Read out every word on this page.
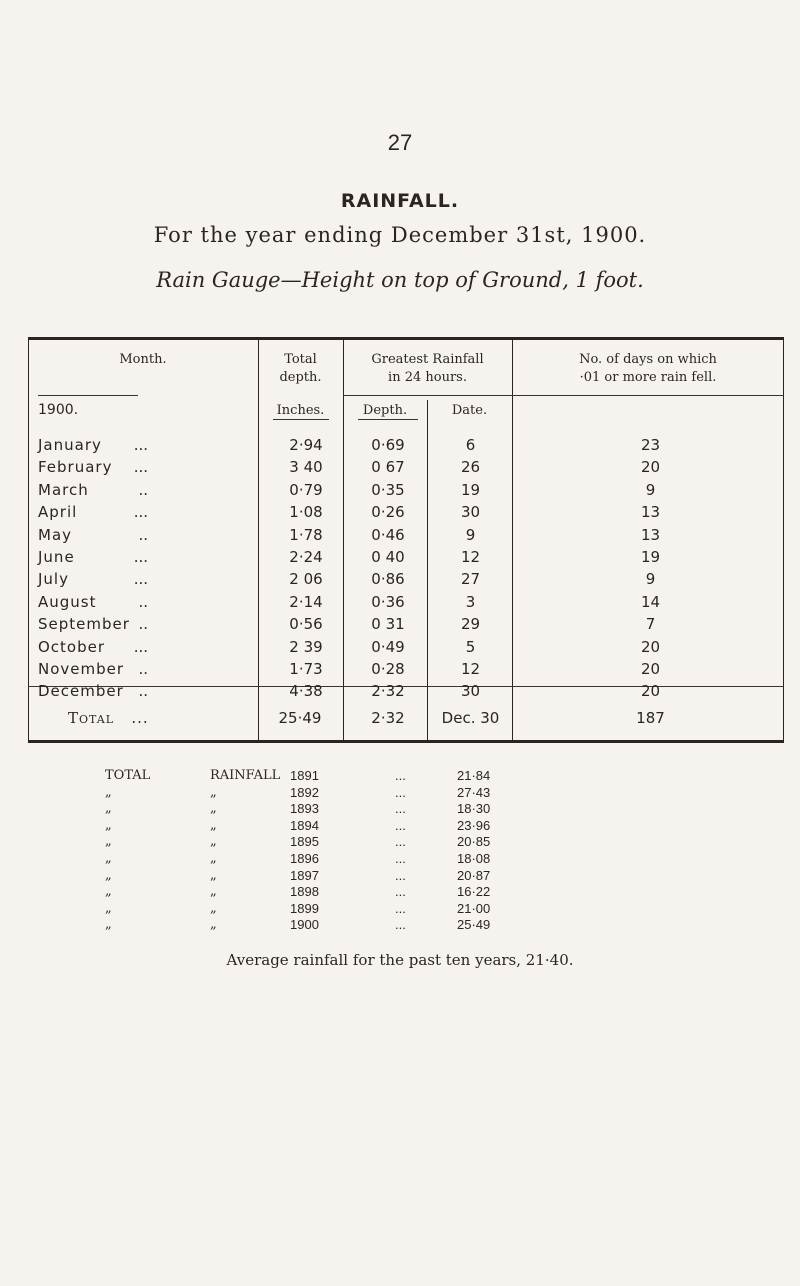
27
RAINFALL.
For the year ending December 31st, 1900.
Rain Gauge—Height on top of Ground, 1 foot.
Month.	Total
depth.
Greatest Rainfall
in 24 hours.
No. of days on which
·01 or more rain fell.
1900.	Inches.	Depth.	Date.
January	...	2·94	0·69	6	23
February	...	3 40	0 67	26	20
March	..	0·79	0·35	19	9
April	...	1·08	0·26	30	13
May	..	1·78	0·46	9	13
June	...	2·24	0 40	12	19
July	...	2 06	0·86	27	9
August	..	2·14	0·36	3	14
September ..	0·56	0 31	29	7
October	...	2 39	0·49	5	20
November ..	1·73	0·28	12	20
December ..	4·38	2·32	30	20
TOTAL ...	25·49	2·32	Dec. 30	187
TOTAL	RAINFALL 1891	...	21·84
„	„	1892	...	27·43
„	„	1893	...	18·30
„	„	1894	...	23·96
„	„	1895	...	20·85
„	„	1896	...	18·08
„	„	1897	...	20·87
„	„	1898	...	16·22
„	„	1899	...	21·00
„	„	1900	...	25·49
Average rainfall for the past ten years, 21·40.
